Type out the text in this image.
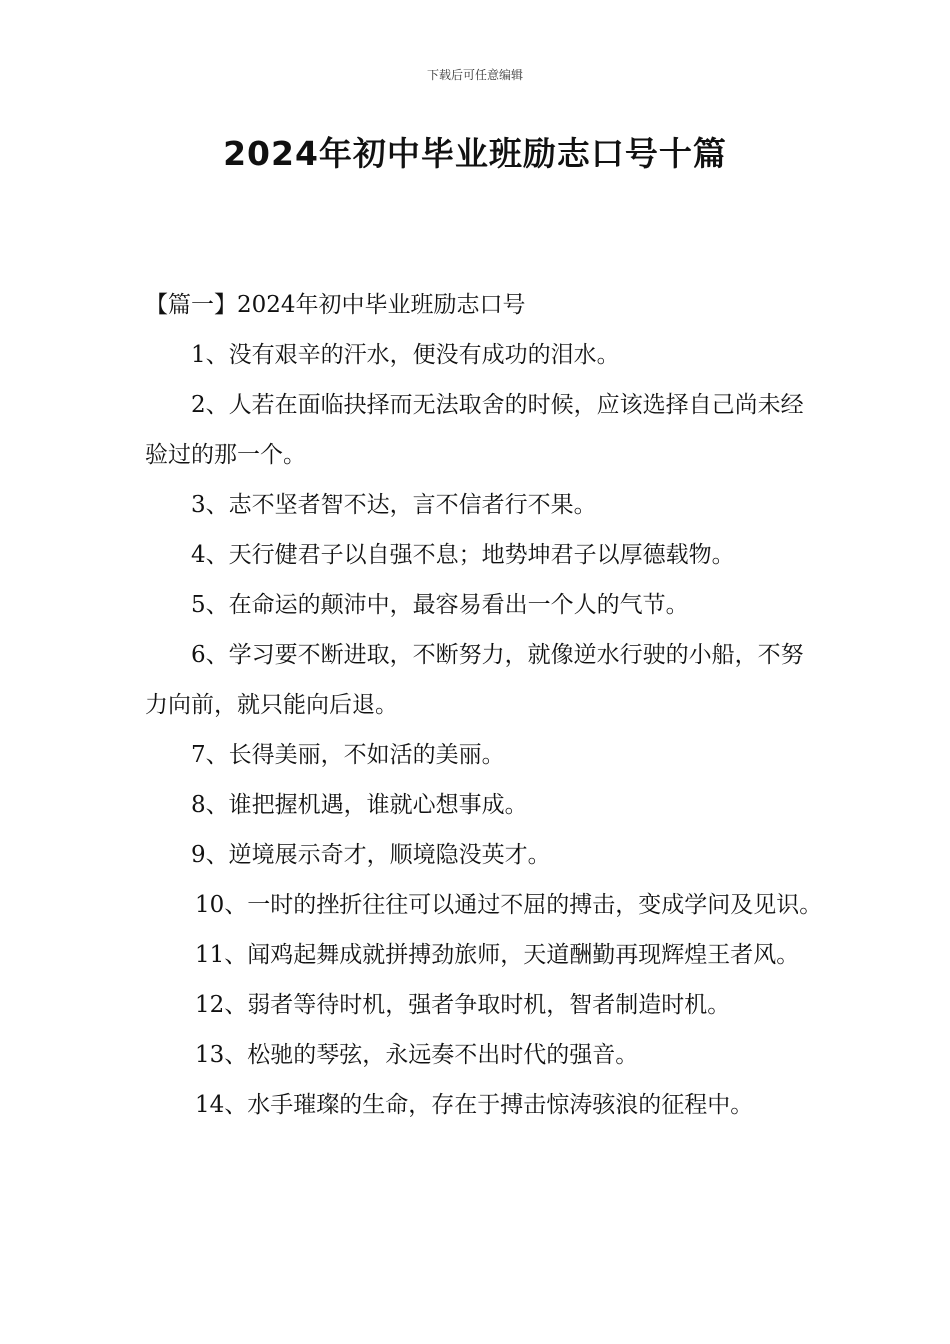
下载后可任意编辑
2024年初中毕业班励志口号十篇

【篇一】2024年初中毕业班励志口号

1、没有艰辛的汗水，便没有成功的泪水。

2、人若在面临抉择而无法取舍的时候，应该选择自己尚未经验过的那一个。

3、志不坚者智不达，言不信者行不果。

4、天行健君子以自强不息；地势坤君子以厚德载物。

5、在命运的颠沛中，最容易看出一个人的气节。

6、学习要不断进取，不断努力，就像逆水行驶的小船，不努力向前，就只能向后退。

7、长得美丽，不如活的美丽。

8、谁把握机遇，谁就心想事成。

9、逆境展示奇才，顺境隐没英才。

10、一时的挫折往往可以通过不屈的搏击，变成学问及见识。

11、闻鸡起舞成就拼搏劲旅师，天道酬勤再现辉煌王者风。

12、弱者等待时机，强者争取时机，智者制造时机。

13、松驰的琴弦，永远奏不出时代的强音。

14、水手璀璨的生命，存在于搏击惊涛骇浪的征程中。
